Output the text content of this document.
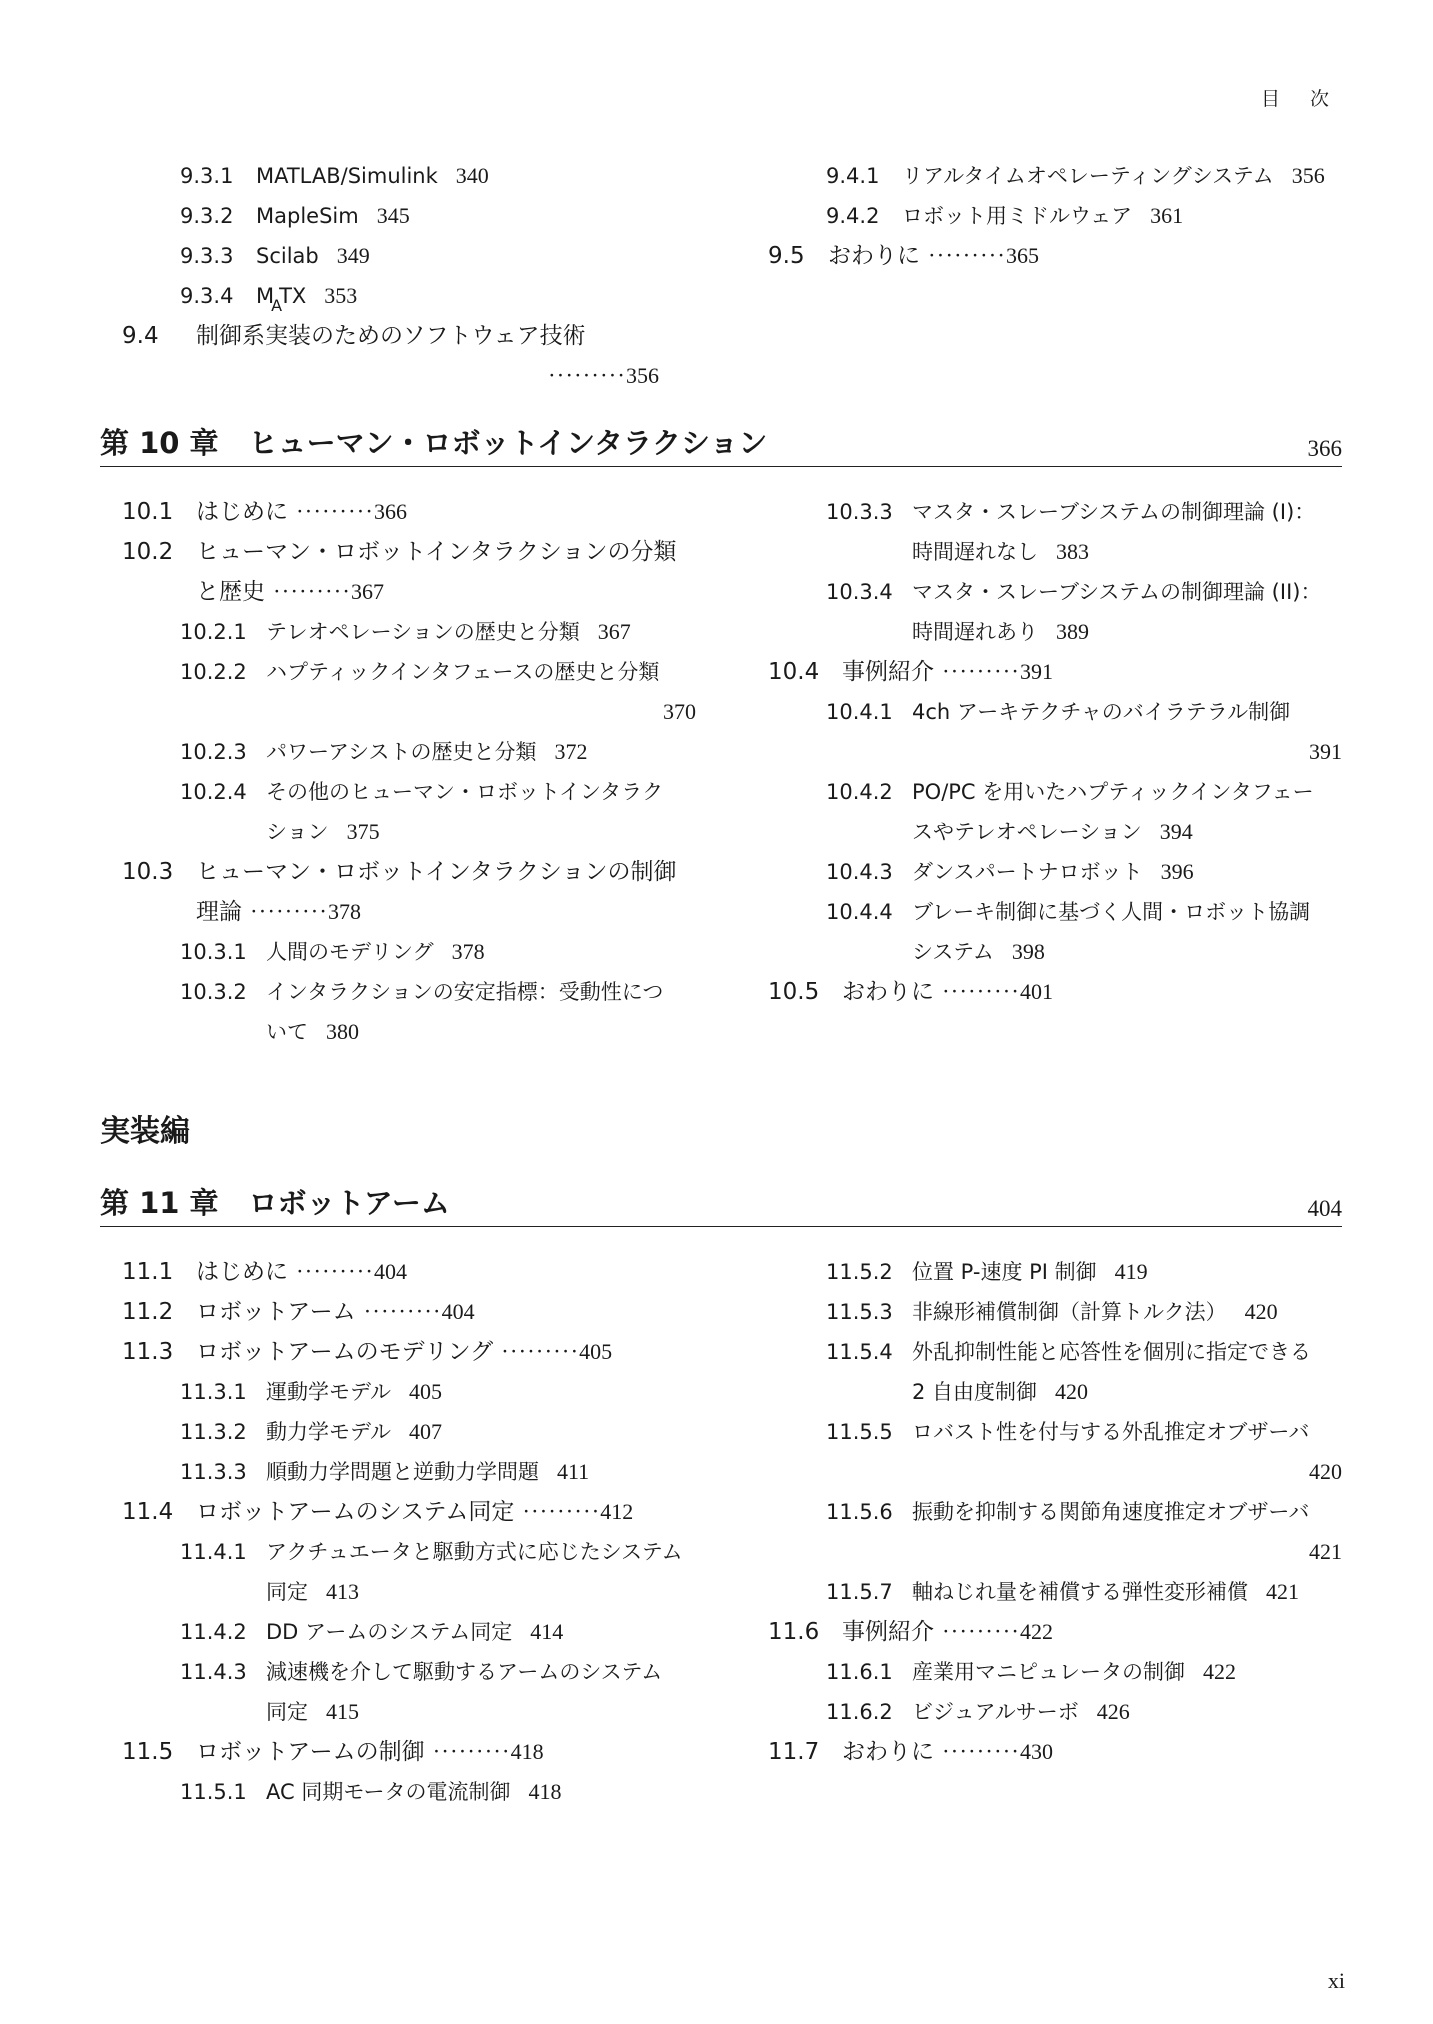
目 次
xi
9.3.1 MATLAB/Simulink 340
9.3.2 MapleSim 345
9.3.3 Scilab 349
9.3.4 $M_ATX$ 353
9.4 制御系実装のためのソフトウェア技術
·········356
9.4.1 リアルタイムオペレーティングシステム 356
9.4.2 ロボット用ミドルウェア 361
9.5 おわりに ·········365
第 10 章 ヒューマン・ロボットインタラクション	366
10.1 はじめに ·········366
10.2 ヒューマン・ロボットインタラクションの分類
と歴史 ·········367
10.2.1 テレオペレーションの歴史と分類 367
10.2.2 ハプティックインタフェースの歴史と分類
370
10.2.3 パワーアシストの歴史と分類 372
10.2.4 その他のヒューマン・ロボットインタラク
ション 375
10.3 ヒューマン・ロボットインタラクションの制御
理論 ·········378
10.3.1 人間のモデリング 378
10.3.2 インタラクションの安定指標：受動性につ
いて 380
10.3.3 マスタ・スレーブシステムの制御理論 (I)：
時間遅れなし 383
10.3.4 マスタ・スレーブシステムの制御理論 (II)：
時間遅れあり 389
10.4 事例紹介 ·········391
10.4.1 4ch アーキテクチャのバイラテラル制御
391
10.4.2 PO/PC を用いたハプティックインタフェー
スやテレオペレーション 394
10.4.3 ダンスパートナロボット 396
10.4.4 ブレーキ制御に基づく人間・ロボット協調
システム 398
10.5 おわりに ·········401
実装編
第 11 章 ロボットアーム	404
11.1 はじめに ·········404
11.2 ロボットアーム ·········404
11.3 ロボットアームのモデリング ·········405
11.3.1 運動学モデル 405
11.3.2 動力学モデル 407
11.3.3 順動力学問題と逆動力学問題 411
11.4 ロボットアームのシステム同定 ·········412
11.4.1 アクチュエータと駆動方式に応じたシステム
同定 413
11.4.2 DD アームのシステム同定 414
11.4.3 減速機を介して駆動するアームのシステム
同定 415
11.5 ロボットアームの制御 ·········418
11.5.1 AC 同期モータの電流制御 418
11.5.2 位置 P-速度 PI 制御 419
11.5.3 非線形補償制御（計算トルク法） 420
11.5.4 外乱抑制性能と応答性を個別に指定できる
2 自由度制御 420
11.5.5 ロバスト性を付与する外乱推定オブザーバ
420
11.5.6 振動を抑制する関節角速度推定オブザーバ
421
11.5.7 軸ねじれ量を補償する弾性変形補償 421
11.6 事例紹介 ·········422
11.6.1 産業用マニピュレータの制御 422
11.6.2 ビジュアルサーボ 426
11.7 おわりに ·········430
